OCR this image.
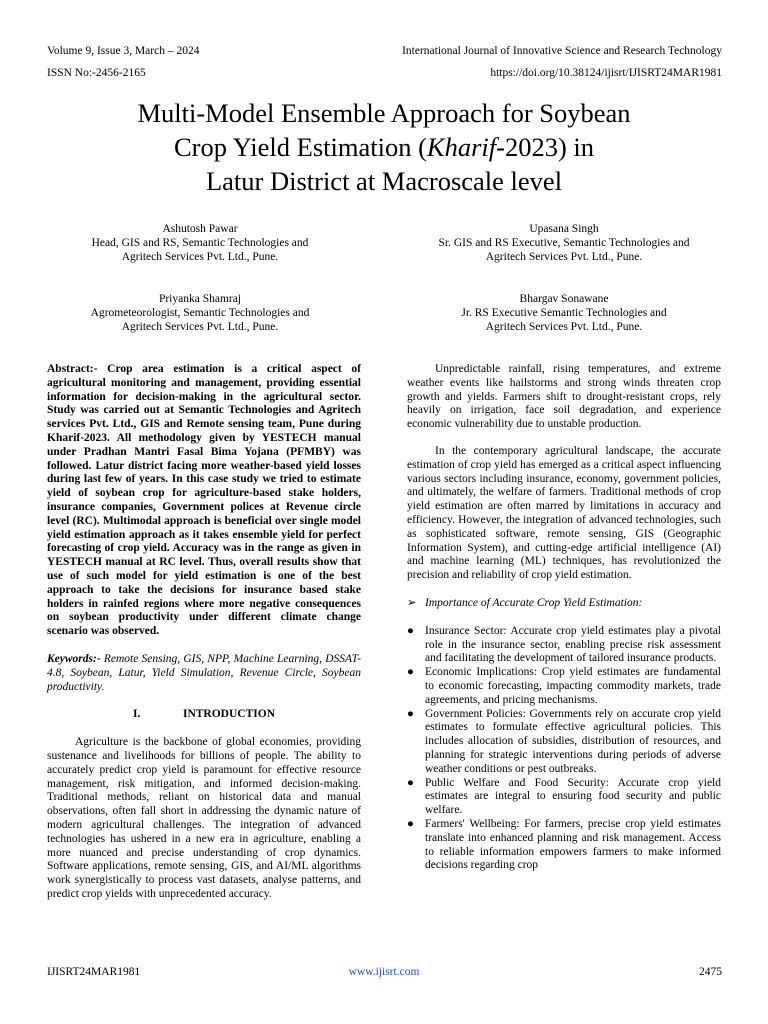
Volume 9, Issue 3, March – 2024	International Journal of Innovative Science and Research Technology
ISSN No:-2456-2165	https://doi.org/10.38124/ijisrt/IJISRT24MAR1981
Multi-Model Ensemble Approach for Soybean
Crop Yield Estimation (Kharif-2023) in
Latur District at Macroscale level
Ashutosh Pawar
Head, GIS and RS, Semantic Technologies and
Agritech Services Pvt. Ltd., Pune.
Upasana Singh
Sr. GIS and RS Executive, Semantic Technologies and
Agritech Services Pvt. Ltd., Pune.
Priyanka Shamraj
Agrometeorologist, Semantic Technologies and
Agritech Services Pvt. Ltd., Pune.
Bhargav Sonawane
Jr. RS Executive Semantic Technologies and
Agritech Services Pvt. Ltd., Pune.

Abstract:- Crop area estimation is a critical aspect of agricultural monitoring and management, providing essential information for decision-making in the agricultural sector. Study was carried out at Semantic Technologies and Agritech services Pvt. Ltd., GIS and Remote sensing team, Pune during Kharif-2023. All methodology given by YESTECH manual under Pradhan Mantri Fasal Bima Yojana (PFMBY) was followed. Latur district facing more weather-based yield losses during last few of years. In this case study we tried to estimate yield of soybean crop for agriculture-based stake holders, insurance companies, Government polices at Revenue circle level (RC). Multimodal approach is beneficial over single model yield estimation approach as it takes ensemble yield for perfect forecasting of crop yield. Accuracy was in the range as given in YESTECH manual at RC level. Thus, overall results show that use of such model for yield estimation is one of the best approach to take the decisions for insurance based stake holders in rainfed regions where more negative consequences on soybean productivity under different climate change scenario was observed.

Keywords:- Remote Sensing, GIS, NPP, Machine Learning, DSSAT-4.8, Soybean, Latur, Yield Simulation, Revenue Circle, Soybean productivity.

I.	INTRODUCTION

Agriculture is the backbone of global economies, providing sustenance and livelihoods for billions of people. The ability to accurately predict crop yield is paramount for effective resource management, risk mitigation, and informed decision-making. Traditional methods, reliant on historical data and manual observations, often fall short in addressing the dynamic nature of modern agricultural challenges. The integration of advanced technologies has ushered in a new era in agriculture, enabling a more nuanced and precise understanding of crop dynamics. Software applications, remote sensing, GIS, and AI/ML algorithms work synergistically to process vast datasets, analyse patterns, and predict crop yields with unprecedented accuracy.

Unpredictable rainfall, rising temperatures, and extreme weather events like hailstorms and strong winds threaten crop growth and yields. Farmers shift to drought-resistant crops, rely heavily on irrigation, face soil degradation, and experience economic vulnerability due to unstable production.

In the contemporary agricultural landscape, the accurate estimation of crop yield has emerged as a critical aspect influencing various sectors including insurance, economy, government policies, and ultimately, the welfare of farmers. Traditional methods of crop yield estimation are often marred by limitations in accuracy and efficiency. However, the integration of advanced technologies, such as sophisticated software, remote sensing, GIS (Geographic Information System), and cutting-edge artificial intelligence (AI) and machine learning (ML) techniques, has revolutionized the precision and reliability of crop yield estimation.

➢ Importance of Accurate Crop Yield Estimation:

● Insurance Sector: Accurate crop yield estimates play a pivotal role in the insurance sector, enabling precise risk assessment and facilitating the development of tailored insurance products.
● Economic Implications: Crop yield estimates are fundamental to economic forecasting, impacting commodity markets, trade agreements, and pricing mechanisms.
● Government Policies: Governments rely on accurate crop yield estimates to formulate effective agricultural policies. This includes allocation of subsidies, distribution of resources, and planning for strategic interventions during periods of adverse weather conditions or pest outbreaks.
● Public Welfare and Food Security: Accurate crop yield estimates are integral to ensuring food security and public welfare.
● Farmers' Wellbeing: For farmers, precise crop yield estimates translate into enhanced planning and risk management. Access to reliable information empowers farmers to make informed decisions regarding crop
IJISRT24MAR1981	www.ijisrt.com	2475
